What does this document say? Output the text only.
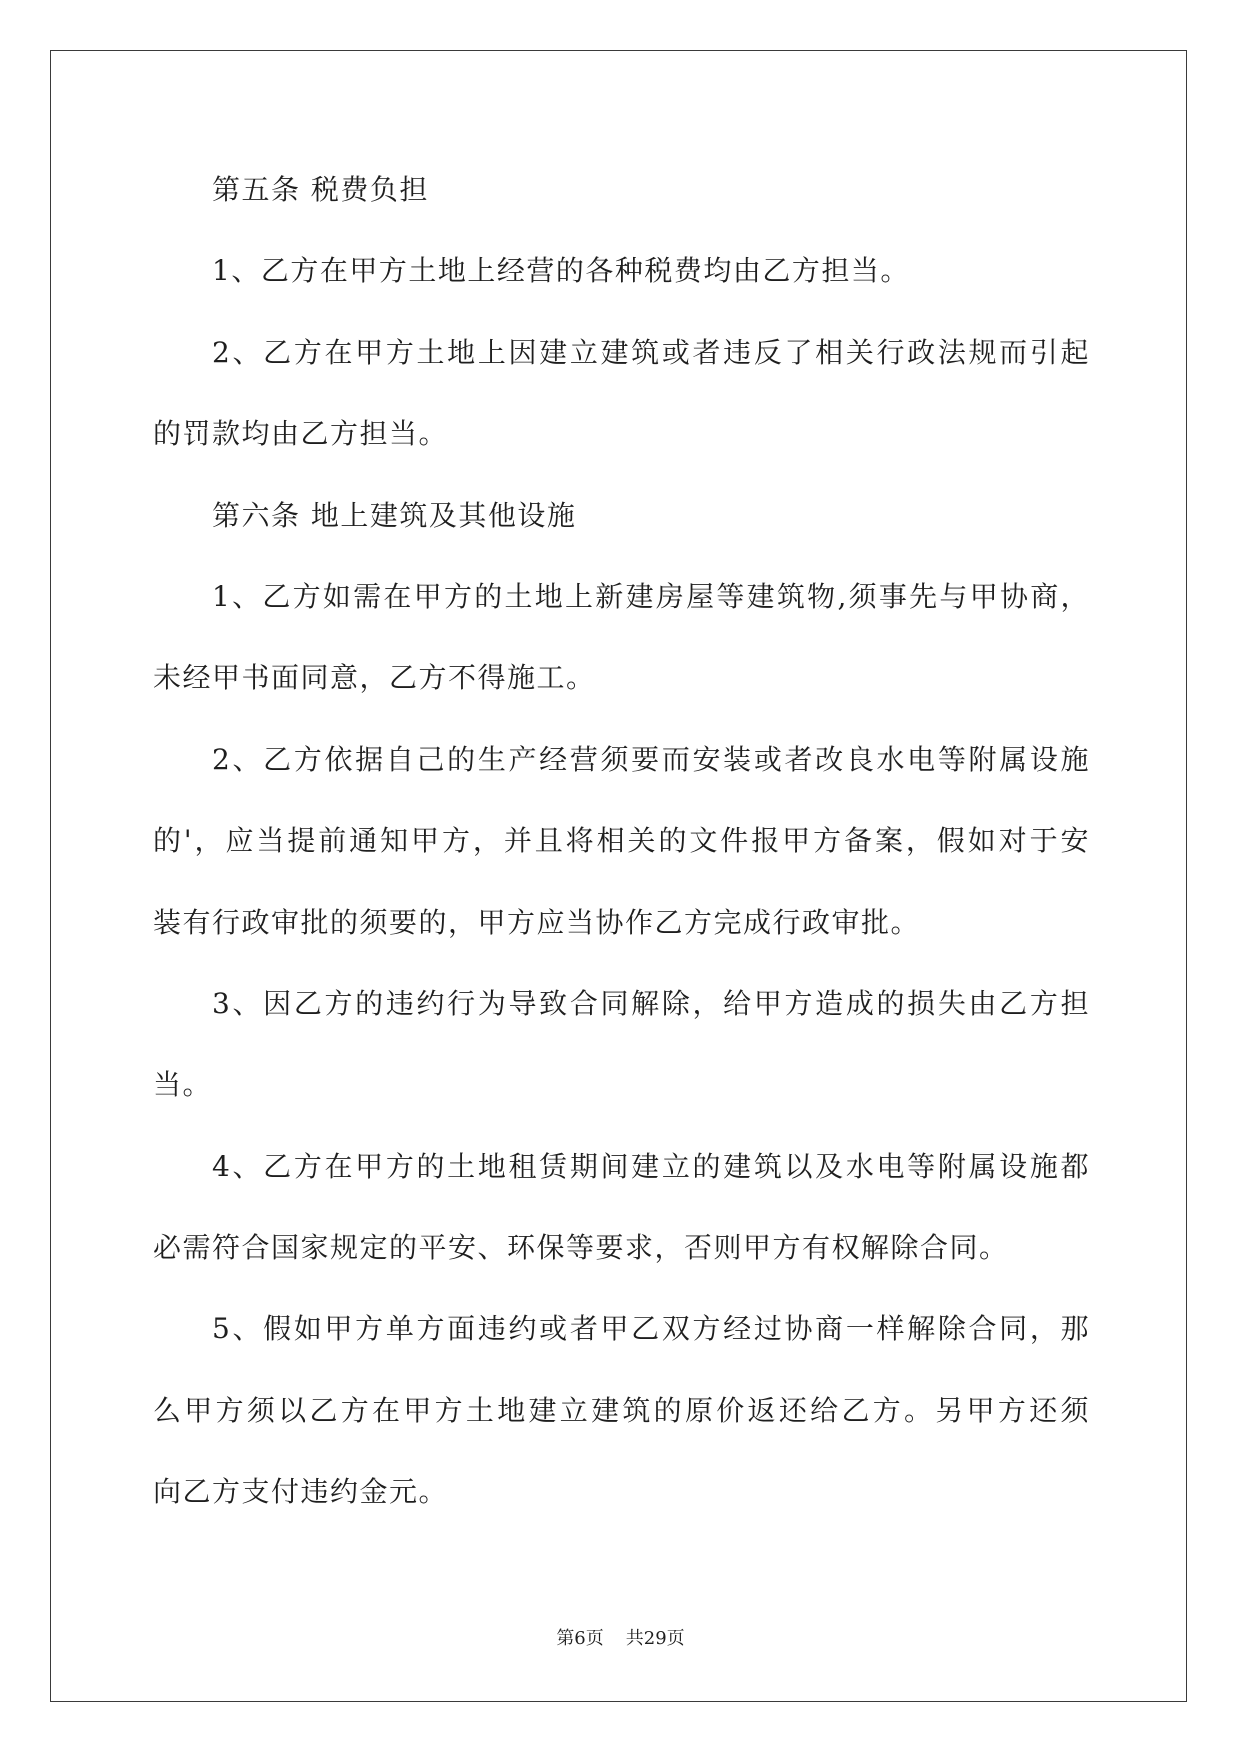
第五条 税费负担
1、乙方在甲方土地上经营的各种税费均由乙方担当。
2、乙方在甲方土地上因建立建筑或者违反了相关行政法规而引起
的罚款均由乙方担当。
第六条 地上建筑及其他设施
1、乙方如需在甲方的土地上新建房屋等建筑物,须事先与甲协商，
未经甲书面同意，乙方不得施工。
2、乙方依据自己的生产经营须要而安装或者改良水电等附属设施
的'，应当提前通知甲方，并且将相关的文件报甲方备案，假如对于安
装有行政审批的须要的，甲方应当协作乙方完成行政审批。
3、因乙方的违约行为导致合同解除，给甲方造成的损失由乙方担
当。
4、乙方在甲方的土地租赁期间建立的建筑以及水电等附属设施都
必需符合国家规定的平安、环保等要求，否则甲方有权解除合同。
5、假如甲方单方面违约或者甲乙双方经过协商一样解除合同，那
么甲方须以乙方在甲方土地建立建筑的原价返还给乙方。另甲方还须
向乙方支付违约金元。
第6页 共29页
